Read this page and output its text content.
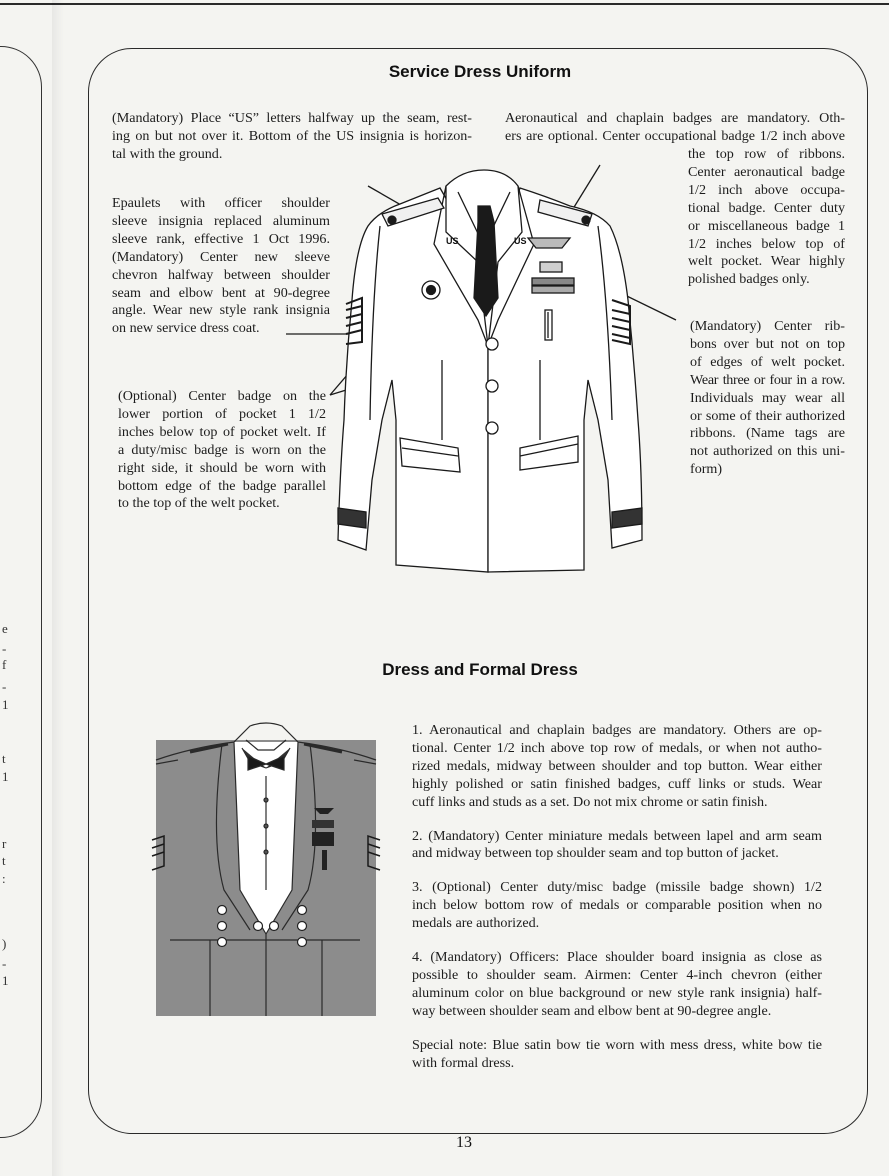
e
-
f
-
1
t
1
r
t
:
)
-
1
Service Dress Uniform
(Mandatory) Place “US” letters halfway up the seam, rest-
ing on but not over it. Bottom of the US insignia is horizon-
tal with the ground.
Epaulets with officer shoulder
sleeve insignia replaced aluminum
sleeve rank, effective 1 Oct 1996.
(Mandatory) Center new sleeve
chevron halfway between shoulder
seam and elbow bent at 90-degree
angle. Wear new style rank insignia
on new service dress coat.
(Optional) Center badge on the
lower portion of pocket 1 1/2
inches below top of pocket welt. If
a duty/misc badge is worn on the
right side, it should be worn with
bottom edge of the badge parallel
to the top of the welt pocket.
Aeronautical and chaplain badges are mandatory. Oth-
ers are optional. Center occupational badge 1/2 inch above
the top row of ribbons.
Center aeronautical badge
1/2 inch above occupa-
tional badge. Center duty
or miscellaneous badge 1
1/2 inches below top of
welt pocket. Wear highly
polished badges only.
(Mandatory) Center rib-
bons over but not on top
of edges of welt pocket.
Wear three or four in a row.
Individuals may wear all
or some of their authorized
ribbons. (Name tags are
not authorized on this uni-
form)
US	US
Dress and Formal Dress
1. Aeronautical and chaplain badges are mandatory. Others are op-
tional. Center 1/2 inch above top row of medals, or when not autho-
rized medals, midway between shoulder and top button. Wear either
highly polished or satin finished badges, cuff links or studs. Wear
cuff links and studs as a set. Do not mix chrome or satin finish.
2. (Mandatory) Center miniature medals between lapel and arm seam
and midway between top shoulder seam and top button of jacket.
3. (Optional) Center duty/misc badge (missile badge shown) 1/2
inch below bottom row of medals or comparable position when no
medals are authorized.
4. (Mandatory) Officers: Place shoulder board insignia as close as
possible to shoulder seam. Airmen: Center 4-inch chevron (either
aluminum color on blue background or new style rank insignia) half-
way between shoulder seam and elbow bent at 90-degree angle.
Special note: Blue satin bow tie worn with mess dress, white bow tie
with formal dress.
13
